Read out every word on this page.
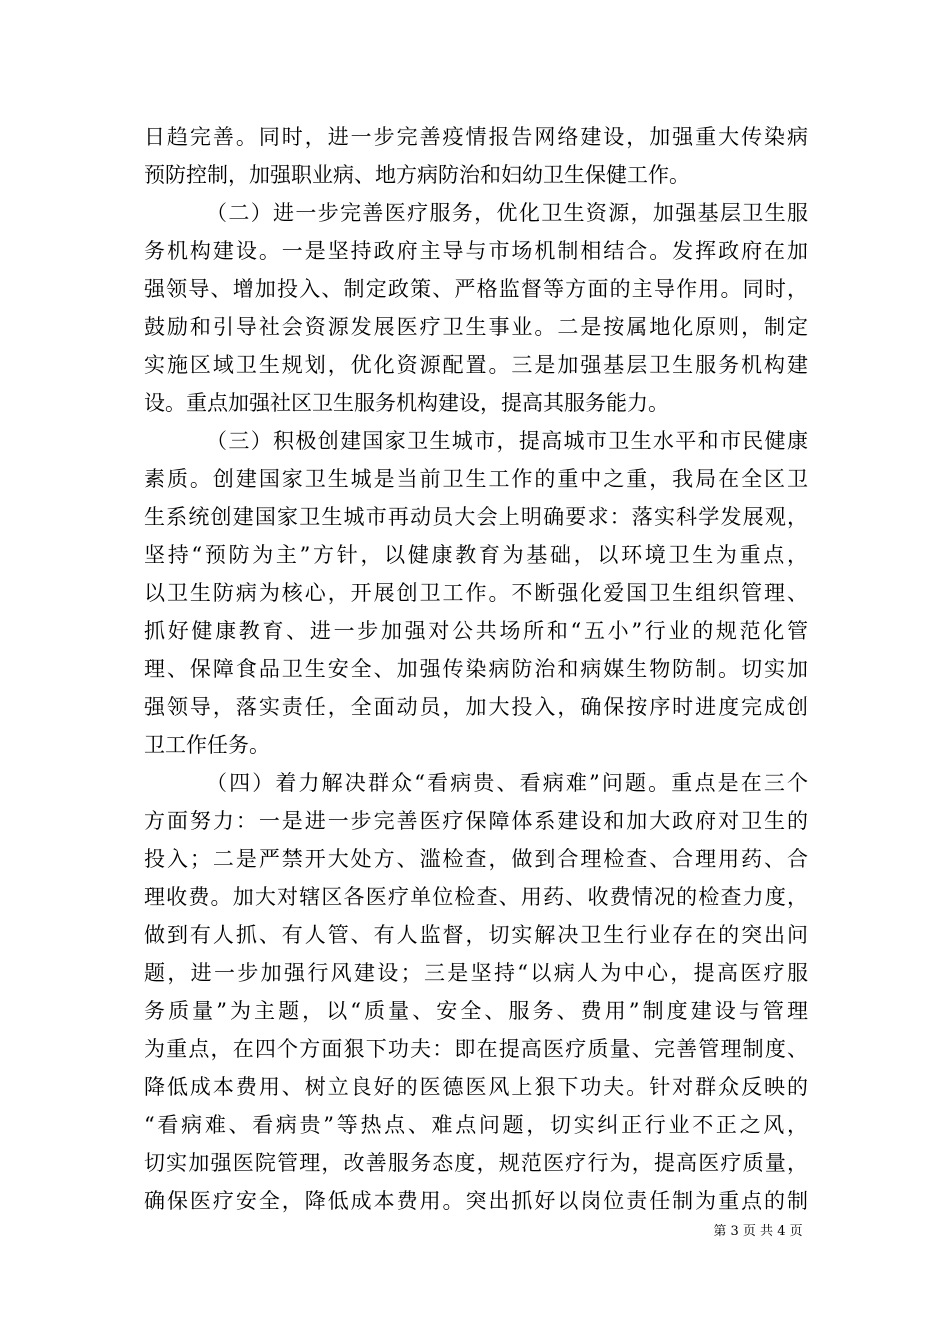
日趋完善。同时，进一步完善疫情报告网络建设，加强重大传染病
预防控制，加强职业病、地方病防治和妇幼卫生保健工作。
（二）进一步完善医疗服务，优化卫生资源，加强基层卫生服
务机构建设。一是坚持政府主导与市场机制相结合。发挥政府在加
强领导、增加投入、制定政策、严格监督等方面的主导作用。同时，
鼓励和引导社会资源发展医疗卫生事业。二是按属地化原则，制定
实施区域卫生规划，优化资源配置。三是加强基层卫生服务机构建
设。重点加强社区卫生服务机构建设，提高其服务能力。
（三）积极创建国家卫生城市，提高城市卫生水平和市民健康
素质。创建国家卫生城是当前卫生工作的重中之重，我局在全区卫
生系统创建国家卫生城市再动员大会上明确要求：落实科学发展观，
坚持“预防为主”方针，以健康教育为基础，以环境卫生为重点，
以卫生防病为核心，开展创卫工作。不断强化爱国卫生组织管理、
抓好健康教育、进一步加强对公共场所和“五小”行业的规范化管
理、保障食品卫生安全、加强传染病防治和病媒生物防制。切实加
强领导，落实责任，全面动员，加大投入，确保按序时进度完成创
卫工作任务。
（四）着力解决群众“看病贵、看病难”问题。重点是在三个
方面努力：一是进一步完善医疗保障体系建设和加大政府对卫生的
投入；二是严禁开大处方、滥检查，做到合理检查、合理用药、合
理收费。加大对辖区各医疗单位检查、用药、收费情况的检查力度，
做到有人抓、有人管、有人监督，切实解决卫生行业存在的突出问
题，进一步加强行风建设；三是坚持“以病人为中心，提高医疗服
务质量”为主题，以“质量、安全、服务、费用”制度建设与管理
为重点，在四个方面狠下功夫：即在提高医疗质量、完善管理制度、
降低成本费用、树立良好的医德医风上狠下功夫。针对群众反映的
“看病难、看病贵”等热点、难点问题，切实纠正行业不正之风，
切实加强医院管理，改善服务态度，规范医疗行为，提高医疗质量，
确保医疗安全，降低成本费用。突出抓好以岗位责任制为重点的制
第 3 页 共 4 页
